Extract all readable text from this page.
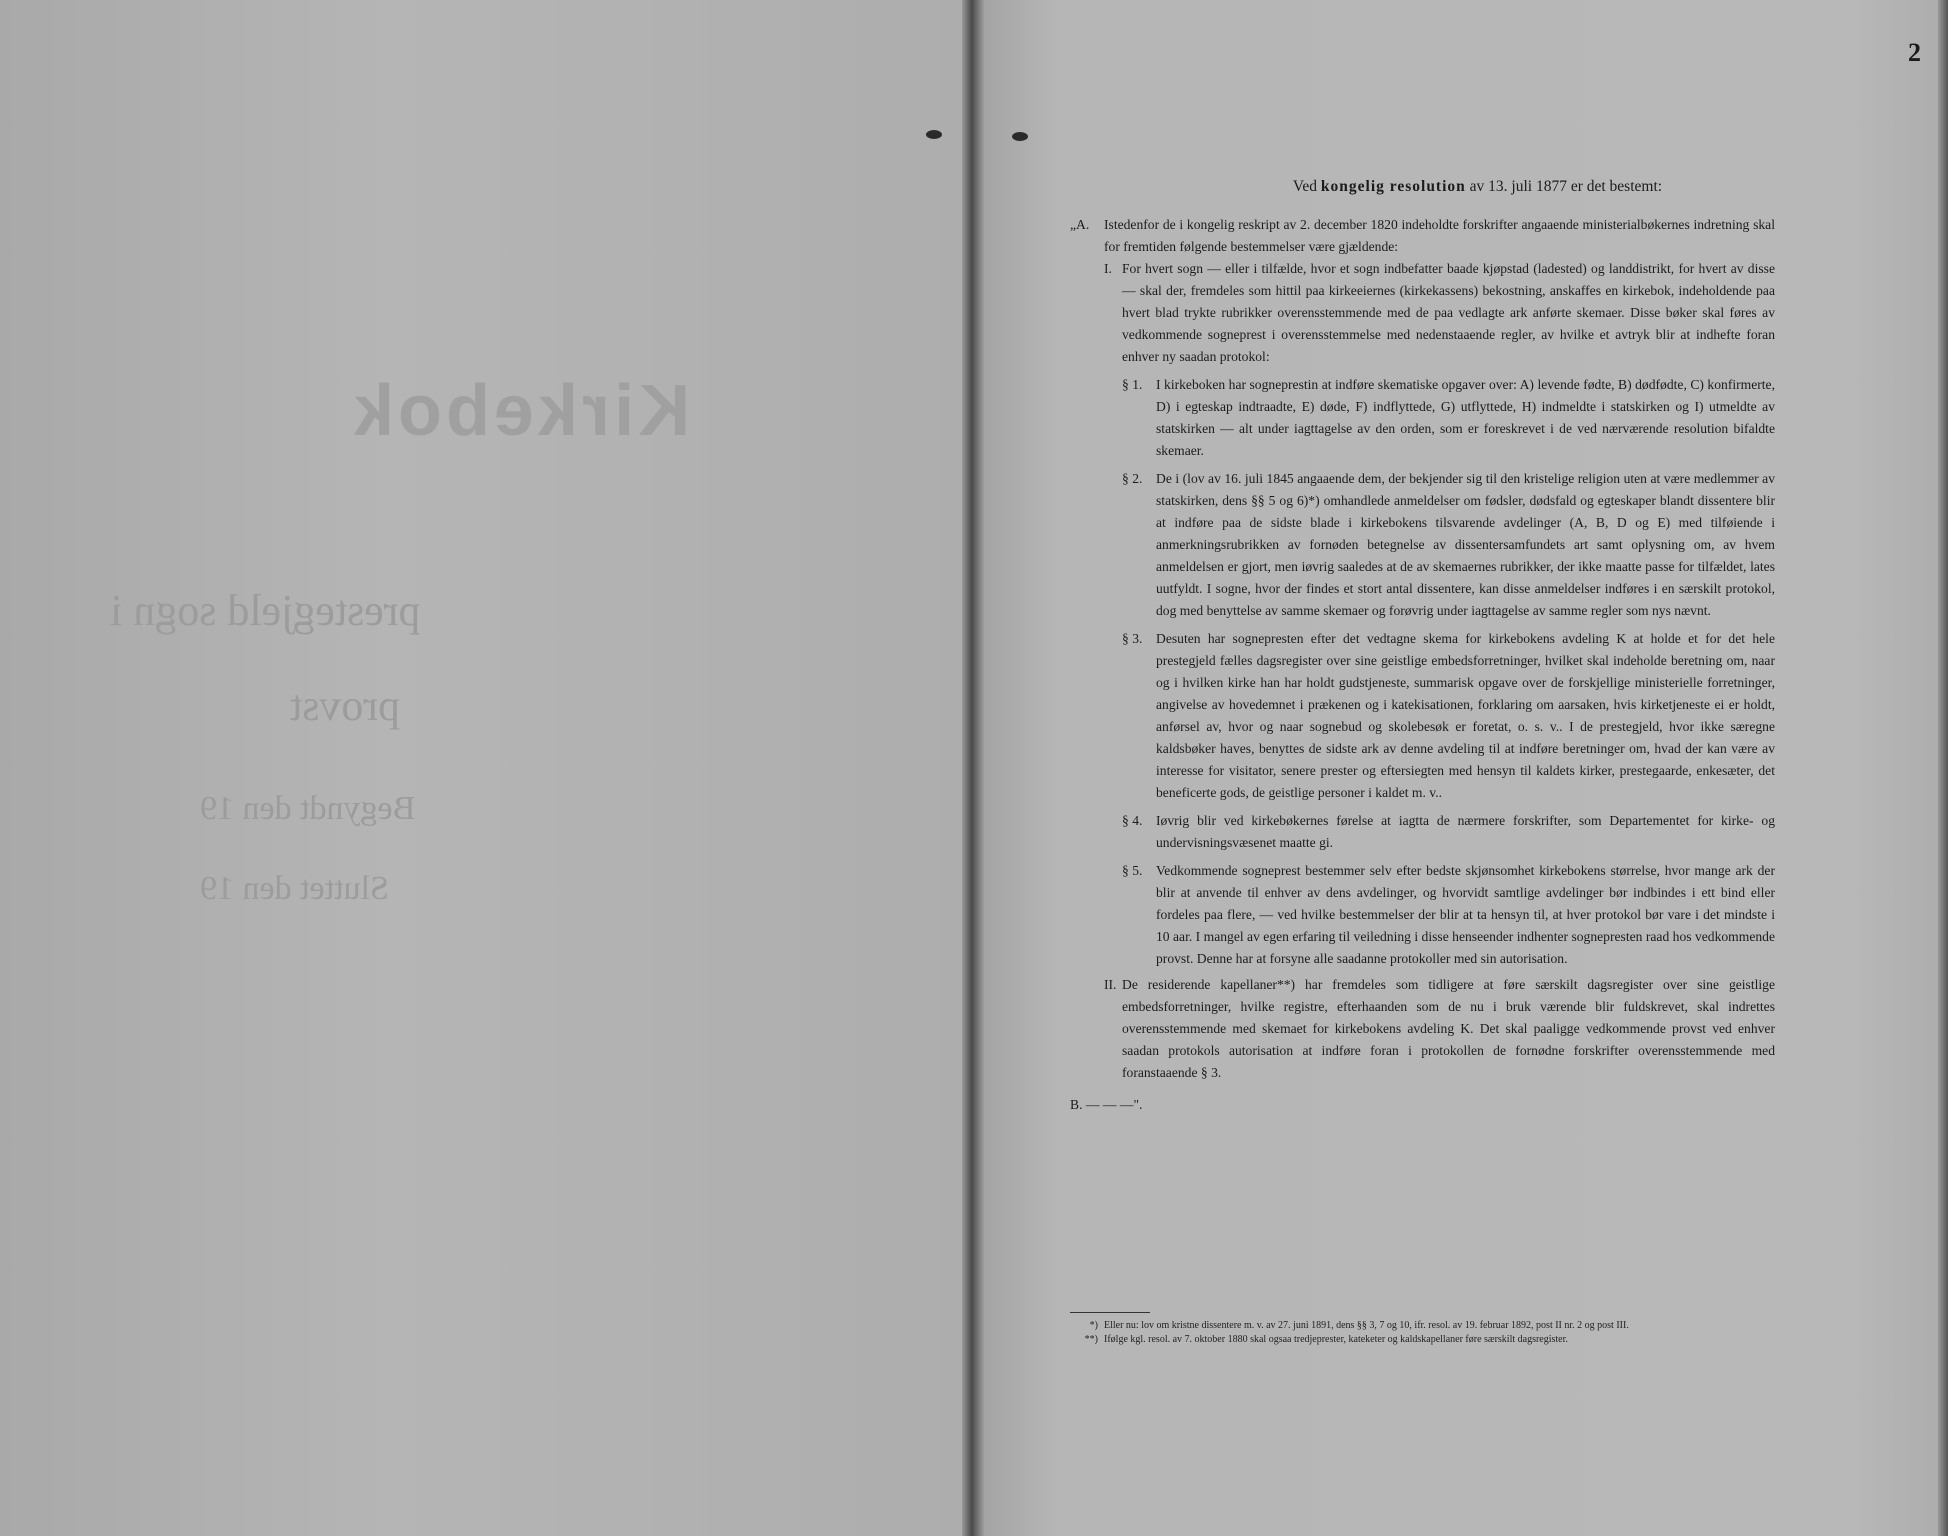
Kirkebok
prestegjeld sogn i
provst
Begyndt den 19
Sluttet den 19
2
Ved kongelig resolution av 13. juli 1877 er det bestemt:
„A.	Istedenfor de i kongelig reskript av 2. december 1820 indeholdte forskrifter angaaende ministerialbøkernes indretning skal for fremtiden følgende bestemmelser være gjældende:
I. For hvert sogn — eller i tilfælde, hvor et sogn indbefatter baade kjøpstad (ladested) og landdistrikt, for hvert av disse — skal der, fremdeles som hittil paa kirkeeiernes (kirkekassens) bekostning, anskaffes en kirkebok, indeholdende paa hvert blad trykte rubrikker overensstemmende med de paa vedlagte ark anførte skemaer. Disse bøker skal føres av vedkommende sogneprest i overensstemmelse med nedenstaaende regler, av hvilke et avtryk blir at indhefte foran enhver ny saadan protokol:
§ 1.	I kirkeboken har sogneprestin at indføre skematiske opgaver over: A) levende fødte, B) dødfødte, C) konfirmerte, D) i egteskap indtraadte, E) døde, F) indflyttede, G) utflyttede, H) indmeldte i statskirken og I) utmeldte av statskirken — alt under iagttagelse av den orden, som er foreskrevet i de ved nærværende resolution bifaldte skemaer.
§ 2.	De i (lov av 16. juli 1845 angaaende dem, der bekjender sig til den kristelige religion uten at være medlemmer av statskirken, dens §§ 5 og 6)*) omhandlede anmeldelser om fødsler, dødsfald og egteskaper blandt dissentere blir at indføre paa de sidste blade i kirkebokens tilsvarende avdelinger (A, B, D og E) med tilføiende i anmerkningsrubrikken av fornøden betegnelse av dissentersamfundets art samt oplysning om, av hvem anmeldelsen er gjort, men iøvrig saaledes at de av skemaernes rubrikker, der ikke maatte passe for tilfældet, lates uutfyldt. I sogne, hvor der findes et stort antal dissentere, kan disse anmeldelser indføres i en særskilt protokol, dog med benyttelse av samme skemaer og forøvrig under iagttagelse av samme regler som nys nævnt.
§ 3.	Desuten har sognepresten efter det vedtagne skema for kirkebokens avdeling K at holde et for det hele prestegjeld fælles dagsregister over sine geistlige embedsforretninger, hvilket skal indeholde beretning om, naar og i hvilken kirke han har holdt gudstjeneste, summarisk opgave over de forskjellige ministerielle forretninger, angivelse av hovedemnet i prækenen og i katekisationen, forklaring om aarsaken, hvis kirketjeneste ei er holdt, anførsel av, hvor og naar sognebud og skolebesøk er foretat, o. s. v.. I de prestegjeld, hvor ikke særegne kaldsbøker haves, benyttes de sidste ark av denne avdeling til at indføre beretninger om, hvad der kan være av interesse for visitator, senere prester og eftersiegten med hensyn til kaldets kirker, prestegaarde, enkesæter, det beneficerte gods, de geistlige personer i kaldet m. v..
§ 4.	Iøvrig blir ved kirkebøkernes førelse at iagtta de nærmere forskrifter, som Departementet for kirke- og undervisningsvæsenet maatte gi.
§ 5.	Vedkommende sogneprest bestemmer selv efter bedste skjønsomhet kirkebokens størrelse, hvor mange ark der blir at anvende til enhver av dens avdelinger, og hvorvidt samtlige avdelinger bør indbindes i ett bind eller fordeles paa flere, — ved hvilke bestemmelser der blir at ta hensyn til, at hver protokol bør vare i det mindste i 10 aar. I mangel av egen erfaring til veiledning i disse henseender indhenter sognepresten raad hos vedkommende provst. Denne har at forsyne alle saadanne protokoller med sin autorisation.
II. De residerende kapellaner**) har fremdeles som tidligere at føre særskilt dagsregister over sine geistlige embedsforretninger, hvilke registre, efterhaanden som de nu i bruk værende blir fuldskrevet, skal indrettes overensstemmende med skemaet for kirkebokens avdeling K. Det skal paaligge vedkommende provst ved enhver saadan protokols autorisation at indføre foran i protokollen de fornødne forskrifter overensstemmende med foranstaaende § 3.
B. — — —".
*) Eller nu: lov om kristne dissentere m. v. av 27. juni 1891, dens §§ 3, 7 og 10, ifr. resol. av 19. februar 1892, post II nr. 2 og post III.
**) Ifølge kgl. resol. av 7. oktober 1880 skal ogsaa tredjeprester, kateketer og kaldskapellaner føre særskilt dagsregister.
